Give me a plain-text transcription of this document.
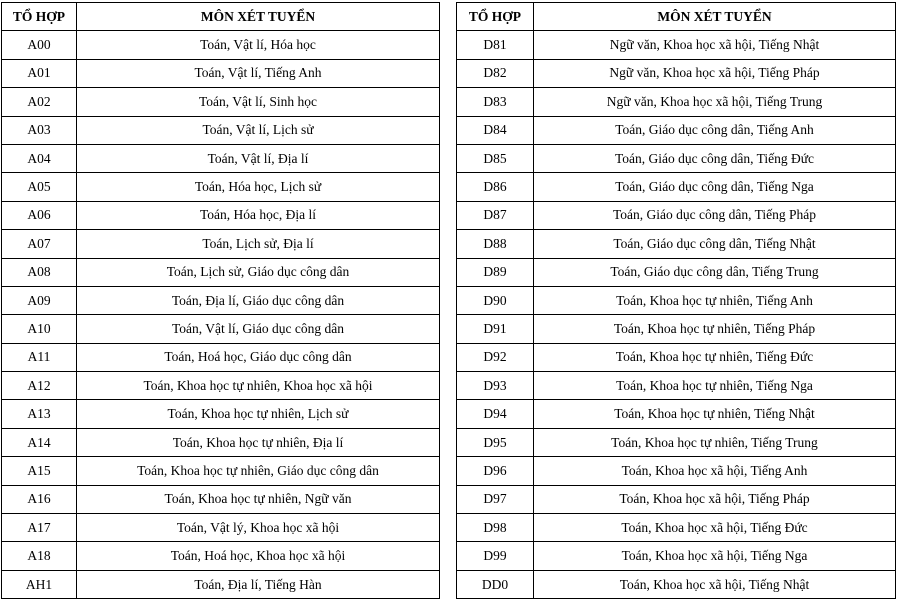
TỔ HỢP	MÔN XÉT TUYỂN
A00	Toán, Vật lí, Hóa học
A01	Toán, Vật lí, Tiếng Anh
A02	Toán, Vật lí, Sinh học
A03	Toán, Vật lí, Lịch sử
A04	Toán, Vật lí, Địa lí
A05	Toán, Hóa học, Lịch sử
A06	Toán, Hóa học, Địa lí
A07	Toán, Lịch sử, Địa lí
A08	Toán, Lịch sử, Giáo dục công dân
A09	Toán, Địa lí, Giáo dục công dân
A10	Toán, Vật lí, Giáo dục công dân
A11	Toán, Hoá học, Giáo dục công dân
A12	Toán, Khoa học tự nhiên, Khoa học xã hội
A13	Toán, Khoa học tự nhiên, Lịch sử
A14	Toán, Khoa học tự nhiên, Địa lí
A15	Toán, Khoa học tự nhiên, Giáo dục công dân
A16	Toán, Khoa học tự nhiên, Ngữ văn
A17	Toán, Vật lý, Khoa học xã hội
A18	Toán, Hoá học, Khoa học xã hội
AH1	Toán, Địa lí, Tiếng Hàn
TỔ HỢP	MÔN XÉT TUYỂN
D81	Ngữ văn, Khoa học xã hội, Tiếng Nhật
D82	Ngữ văn, Khoa học xã hội, Tiếng Pháp
D83	Ngữ văn, Khoa học xã hội, Tiếng Trung
D84	Toán, Giáo dục công dân, Tiếng Anh
D85	Toán, Giáo dục công dân, Tiếng Đức
D86	Toán, Giáo dục công dân, Tiếng Nga
D87	Toán, Giáo dục công dân, Tiếng Pháp
D88	Toán, Giáo dục công dân, Tiếng Nhật
D89	Toán, Giáo dục công dân, Tiếng Trung
D90	Toán, Khoa học tự nhiên, Tiếng Anh
D91	Toán, Khoa học tự nhiên, Tiếng Pháp
D92	Toán, Khoa học tự nhiên, Tiếng Đức
D93	Toán, Khoa học tự nhiên, Tiếng Nga
D94	Toán, Khoa học tự nhiên, Tiếng Nhật
D95	Toán, Khoa học tự nhiên, Tiếng Trung
D96	Toán, Khoa học xã hội, Tiếng Anh
D97	Toán, Khoa học xã hội, Tiếng Pháp
D98	Toán, Khoa học xã hội, Tiếng Đức
D99	Toán, Khoa học xã hội, Tiếng Nga
DD0	Toán, Khoa học xã hội, Tiếng Nhật
